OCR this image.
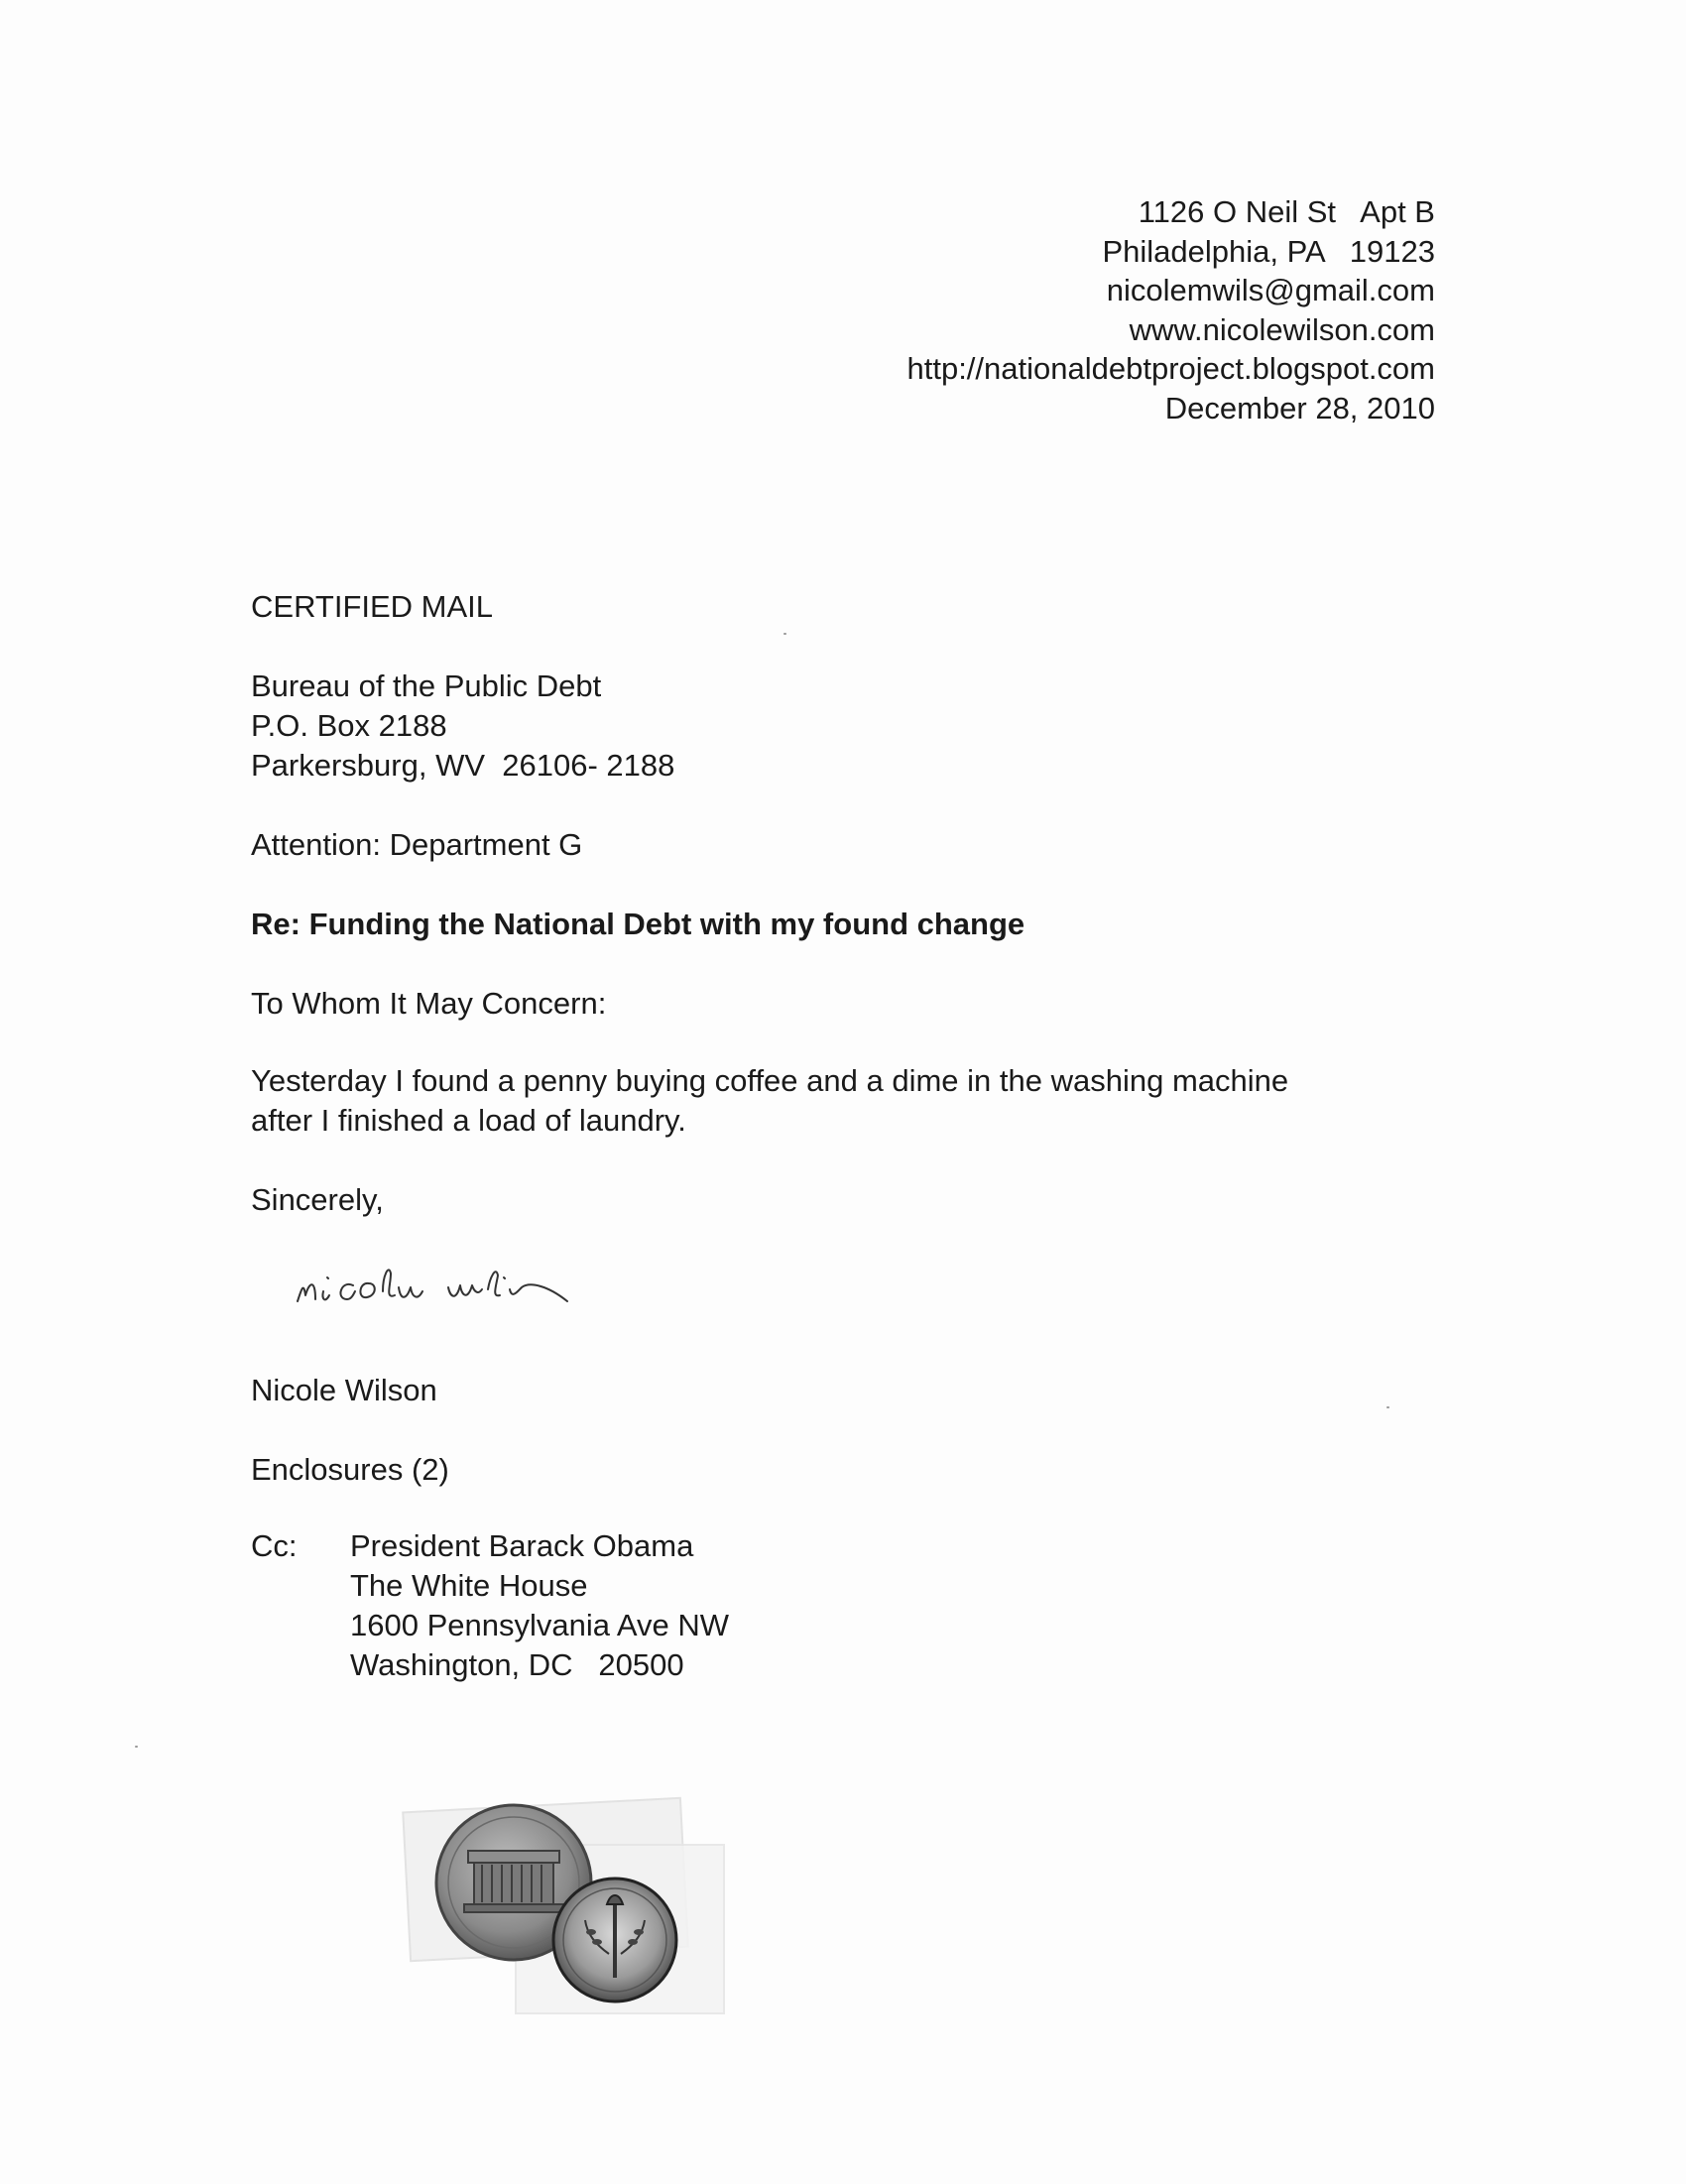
1126 O Neil St   Apt B

Philadelphia, PA   19123

nicolemwils@gmail.com

www.nicolewilson.com

http://nationaldebtproject.blogspot.com

December 28, 2010

CERTIFIED MAIL

Bureau of the Public Debt

P.O. Box 2188

Parkersburg, WV  26106- 2188

Attention: Department G

Re: Funding the National Debt with my found change

To Whom It May Concern:

Yesterday I found a penny buying coffee and a dime in the washing machine

after I finished a load of laundry.

Sincerely,

Nicole Wilson

Enclosures (2)

Cc: President Barack Obama

The White House

1600 Pennsylvania Ave NW

Washington, DC   20500
